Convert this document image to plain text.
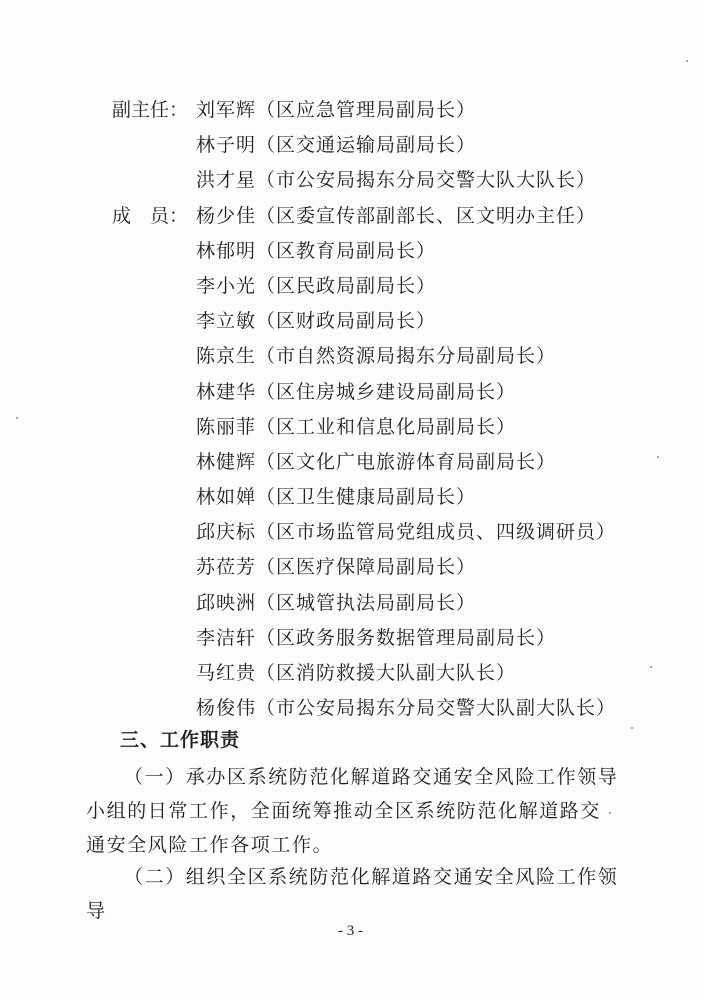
副主任： 刘军辉（区应急管理局副局长）
林子明（区交通运输局副局长）
洪才星（市公安局揭东分局交警大队大队长）
成　员： 杨少佳（区委宣传部副部长、区文明办主任）
林郁明（区教育局副局长）
李小光（区民政局副局长）
李立敏（区财政局副局长）
陈京生（市自然资源局揭东分局副局长）
林建华（区住房城乡建设局副局长）
陈丽菲（区工业和信息化局副局长）
林健辉（区文化广电旅游体育局副局长）
林如婵（区卫生健康局副局长）
邱庆标（区市场监管局党组成员、四级调研员）
苏莅芳（区医疗保障局副局长）
邱映洲（区城管执法局副局长）
李洁轩（区政务服务数据管理局副局长）
马红贵（区消防救援大队副大队长）
杨俊伟（市公安局揭东分局交警大队副大队长）
三、工作职责

（一）承办区系统防范化解道路交通安全风险工作领导小组的日常工作，全面统筹推动全区系统防范化解道路交通安全风险工作各项工作。

（二）组织全区系统防范化解道路交通安全风险工作领导

- 3 -
